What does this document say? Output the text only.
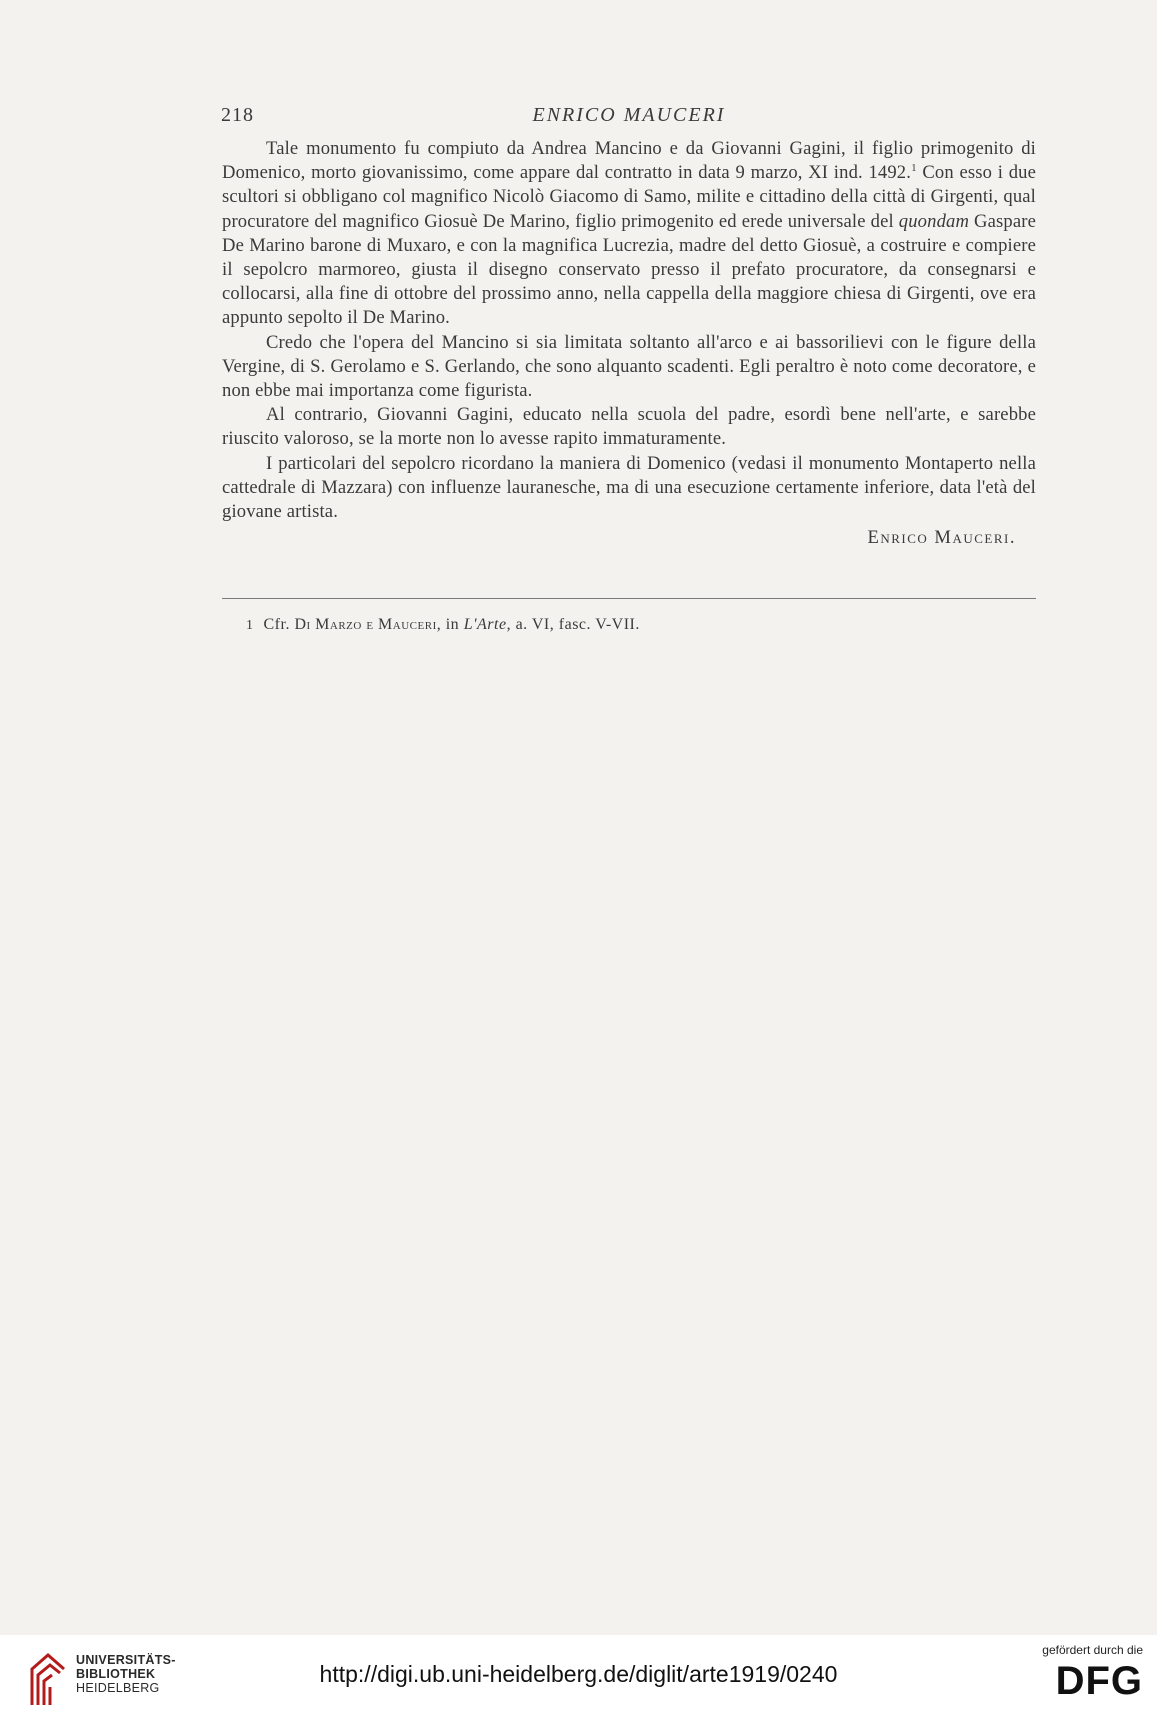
218	ENRICO MAUCERI

Tale monumento fu compiuto da Andrea Mancino e da Giovanni Gagini, il figlio primogenito di Domenico, morto giovanissimo, come appare dal contratto in data 9 marzo, XI ind. 1492.$^1$ Con esso i due scultori si obbligano col magnifico Nicolò Giacomo di Samo, milite e cittadino della città di Girgenti, qual procuratore del magnifico Giosuè De Marino, figlio primogenito ed erede universale del quondam Gaspare De Marino barone di Muxaro, e con la magnifica Lucrezia, madre del detto Giosuè, a costruire e compiere il sepolcro marmoreo, giusta il disegno conservato presso il prefato procuratore, da consegnarsi e collocarsi, alla fine di ottobre del prossimo anno, nella cappella della maggiore chiesa di Girgenti, ove era appunto sepolto il De Marino.

Credo che l'opera del Mancino si sia limitata soltanto all'arco e ai bassorilievi con le figure della Vergine, di S. Gerolamo e S. Gerlando, che sono alquanto scadenti. Egli peraltro è noto come decoratore, e non ebbe mai importanza come figurista.

Al contrario, Giovanni Gagini, educato nella scuola del padre, esordì bene nell'arte, e sarebbe riuscito valoroso, se la morte non lo avesse rapito immaturamente.

I particolari del sepolcro ricordano la maniera di Domenico (vedasi il monumento Montaperto nella cattedrale di Mazzara) con influenze lauranesche, ma di una esecuzione certamente inferiore, data l'età del giovane artista.

Enrico Mauceri.
1 Cfr. Di Marzo e Mauceri, in L'Arte, a. VI, fasc. V-VII.
UNIVERSITÄTS-
BIBLIOTHEK
HEIDELBERG
http://digi.ub.uni-heidelberg.de/diglit/arte1919/0240
gefördert durch die
DFG
